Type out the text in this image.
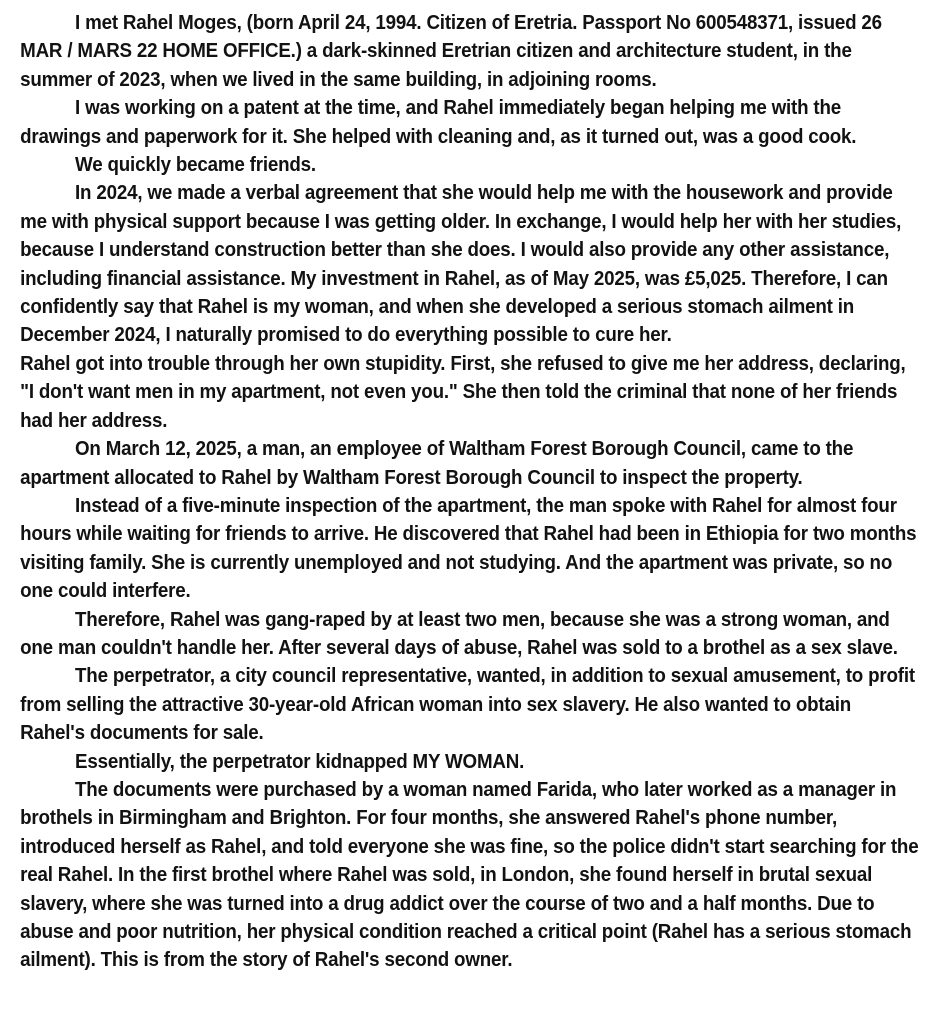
I met Rahel Moges, (born April 24, 1994. Citizen of Eretria. Passport No 600548371, issued 26 MAR / MARS 22 HOME OFFICE.) a dark-skinned Eretrian citizen and architecture student, in the summer of 2023, when we lived in the same building, in adjoining rooms.

I was working on a patent at the time, and Rahel immediately began helping me with the drawings and paperwork for it. She helped with cleaning and, as it turned out, was a good cook.

We quickly became friends.

In 2024, we made a verbal agreement that she would help me with the housework and provide me with physical support because I was getting older. In exchange, I would help her with her studies, because I understand construction better than she does. I would also provide any other assistance, including financial assistance. My investment in Rahel, as of May 2025, was £5,025. Therefore, I can confidently say that Rahel is my woman, and when she developed a serious stomach ailment in December 2024, I naturally promised to do everything possible to cure her.

Rahel got into trouble through her own stupidity. First, she refused to give me her address, declaring, "I don't want men in my apartment, not even you." She then told the criminal that none of her friends had her address.

On March 12, 2025, a man, an employee of Waltham Forest Borough Council, came to the apartment allocated to Rahel by Waltham Forest Borough Council to inspect the property.

Instead of a five-minute inspection of the apartment, the man spoke with Rahel for almost four hours while waiting for friends to arrive. He discovered that Rahel had been in Ethiopia for two months visiting family. She is currently unemployed and not studying. And the apartment was private, so no one could interfere.

Therefore, Rahel was gang-raped by at least two men, because she was a strong woman, and one man couldn't handle her. After several days of abuse, Rahel was sold to a brothel as a sex slave.

The perpetrator, a city council representative, wanted, in addition to sexual amusement, to profit from selling the attractive 30-year-old African woman into sex slavery. He also wanted to obtain Rahel's documents for sale.

Essentially, the perpetrator kidnapped MY WOMAN.

The documents were purchased by a woman named Farida, who later worked as a manager in brothels in Birmingham and Brighton. For four months, she answered Rahel's phone number, introduced herself as Rahel, and told everyone she was fine, so the police didn't start searching for the real Rahel. In the first brothel where Rahel was sold, in London, she found herself in brutal sexual slavery, where she was turned into a drug addict over the course of two and a half months. Due to abuse and poor nutrition, her physical condition reached a critical point (Rahel has a serious stomach ailment). This is from the story of Rahel's second owner.
